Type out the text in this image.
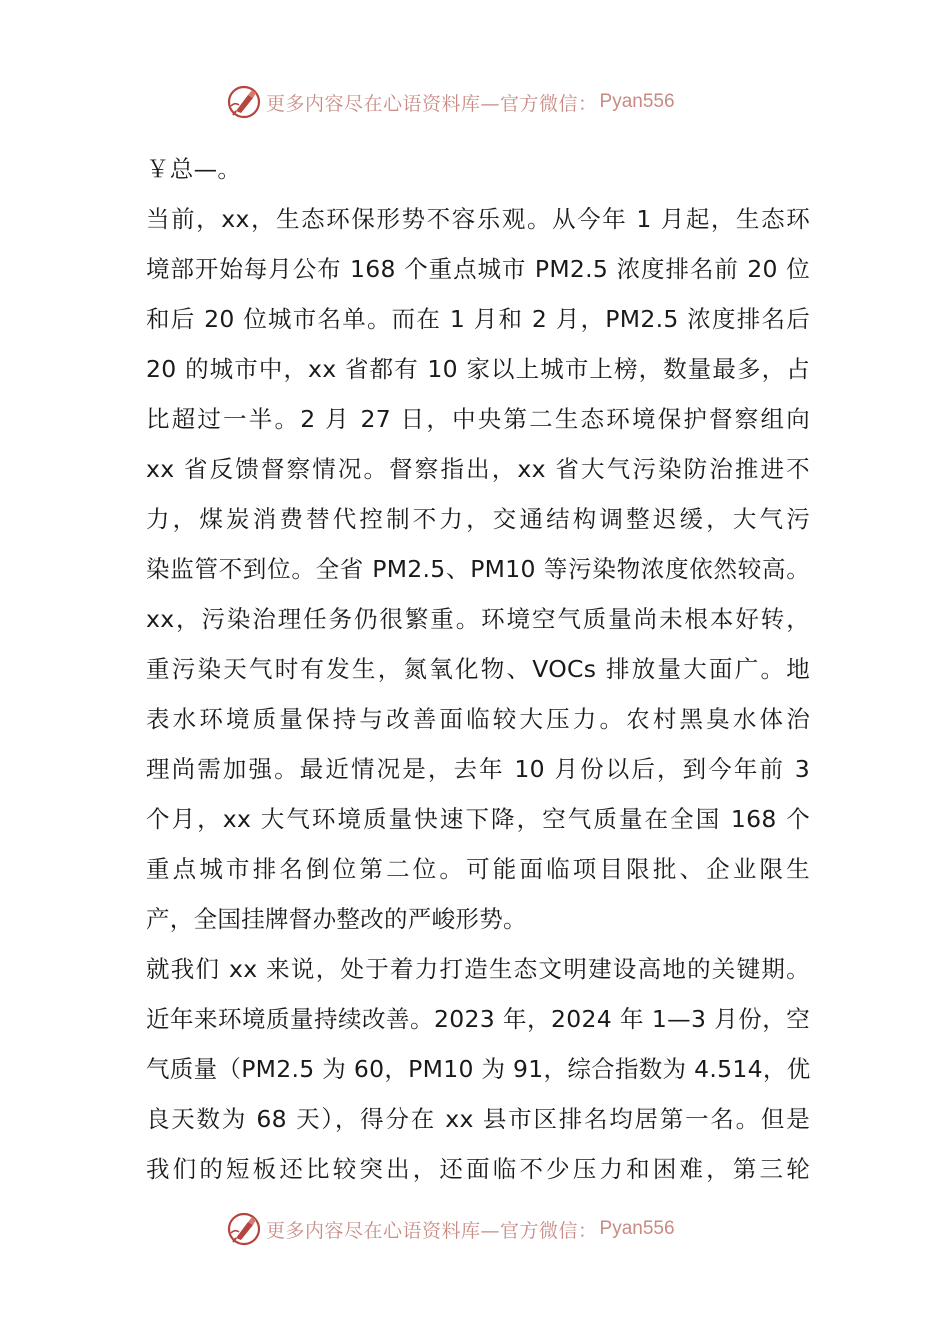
更多内容尽在心语资料库—官方微信： Pyan556
￥总—。
当前，xx，生态环保形势不容乐观。从今年 1 月起，生态环
境部开始每月公布 168 个重点城市 PM2.5 浓度排名前 20 位
和后 20 位城市名单。而在 1 月和 2 月，PM2.5 浓度排名后
20 的城市中，xx 省都有 10 家以上城市上榜，数量最多，占
比超过一半。2 月 27 日，中央第二生态环境保护督察组向
xx 省反馈督察情况。督察指出，xx 省大气污染防治推进不
力，煤炭消费替代控制不力，交通结构调整迟缓，大气污
染监管不到位。全省 PM2.5、PM10 等污染物浓度依然较高。
xx，污染治理任务仍很繁重。环境空气质量尚未根本好转，
重污染天气时有发生，氮氧化物、VOCs 排放量大面广。地
表水环境质量保持与改善面临较大压力。农村黑臭水体治
理尚需加强。最近情况是，去年 10 月份以后，到今年前 3
个月，xx 大气环境质量快速下降，空气质量在全国 168 个
重点城市排名倒位第二位。可能面临项目限批、企业限生
产，全国挂牌督办整改的严峻形势。
就我们 xx 来说，处于着力打造生态文明建设高地的关键期。
近年来环境质量持续改善。2023 年，2024 年 1—3 月份，空
气质量（PM2.5 为 60，PM10 为 91，综合指数为 4.514，优
良天数为 68 天），得分在 xx 县市区排名均居第一名。但是
我们的短板还比较突出，还面临不少压力和困难，第三轮
更多内容尽在心语资料库—官方微信： Pyan556
